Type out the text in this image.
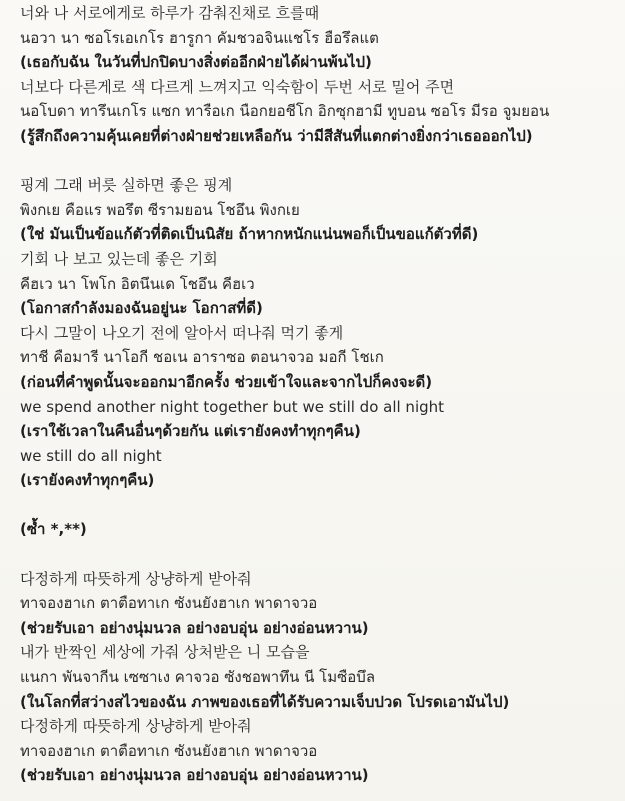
너와 나 서로에게로 하루가 감춰진채로 흐를때
นอวา นา ซอโรเอเกโร ฮารูกา คัมชวอจินแชโร ฮือรึลแต
(เธอกับฉัน ในวันที่ปกปิดบางสิ่งต่ออีกฝ่ายได้ผ่านพ้นไป)
너보다 다른게로 색 다르게 느껴지고 익숙함이 두번 서로 밀어 주면
นอโบดา ทารึนเกโร แซก ทารือเก นือกยอชีโก อิกซุกฮามี ทูบอน ซอโร มีรอ จูมยอน
(รู้สึกถึงความคุ้นเคยที่ต่างฝ่ายช่วยเหลือกัน ว่ามีสีสันที่แตกต่างยิ่งกว่าเธอออกไป)
핑계 그래 버릇 실하면 좋은 핑계
พิงกเย คือแร พอรึต ซีรามยอน โชอึน พิงกเย
(ใช่ มันเป็นข้อแก้ตัวที่ติดเป็นนิสัย ถ้าหากหนักแน่นพอก็เป็นขอแก้ตัวที่ดี)
기회 나 보고 있는데 좋은 기회
คีฮเว นา โพโก อิตนึนเด โชอึน คีฮเว
(โอกาสกำลังมองฉันอยู่นะ โอกาสที่ดี)
다시 그말이 나오기 전에 알아서 떠나줘 먹기 좋게
ทาชี คือมารี นาโอกี ชอเน อาราซอ ตอนาจวอ มอกี โชเก
(ก่อนที่คำพูดนั้นจะออกมาอีกครั้ง ช่วยเข้าใจและจากไปก็คงจะดี)
we spend another night together but we still do all night
(เราใช้เวลาในคืนอื่นๆด้วยกัน แต่เรายังคงทำทุกๆคืน)
we still do all night
(เรายังคงทำทุกๆคืน)
(ซ้ำ *,**)
다정하게 따뜻하게 상냥하게 받아줘
ทาจองฮาเก ตาตือทาเก ซังนยังฮาเก พาดาจวอ
(ช่วยรับเอา อย่างนุ่มนวล อย่างอบอุ่น อย่างอ่อนหวาน)
내가 반짝인 세상에 가줘 상처받은 니 모습을
แนกา พันจากีน เซซาเง คาจวอ ซังชอพาทึน นี โมซือบึล
(ในโลกที่สว่างสไวของฉัน ภาพของเธอที่ได้รับความเจ็บปวด โปรดเอามันไป)
다정하게 따뜻하게 상냥하게 받아줘
ทาจองฮาเก ตาตือทาเก ซังนยังฮาเก พาดาจวอ
(ช่วยรับเอา อย่างนุ่มนวล อย่างอบอุ่น อย่างอ่อนหวาน)
